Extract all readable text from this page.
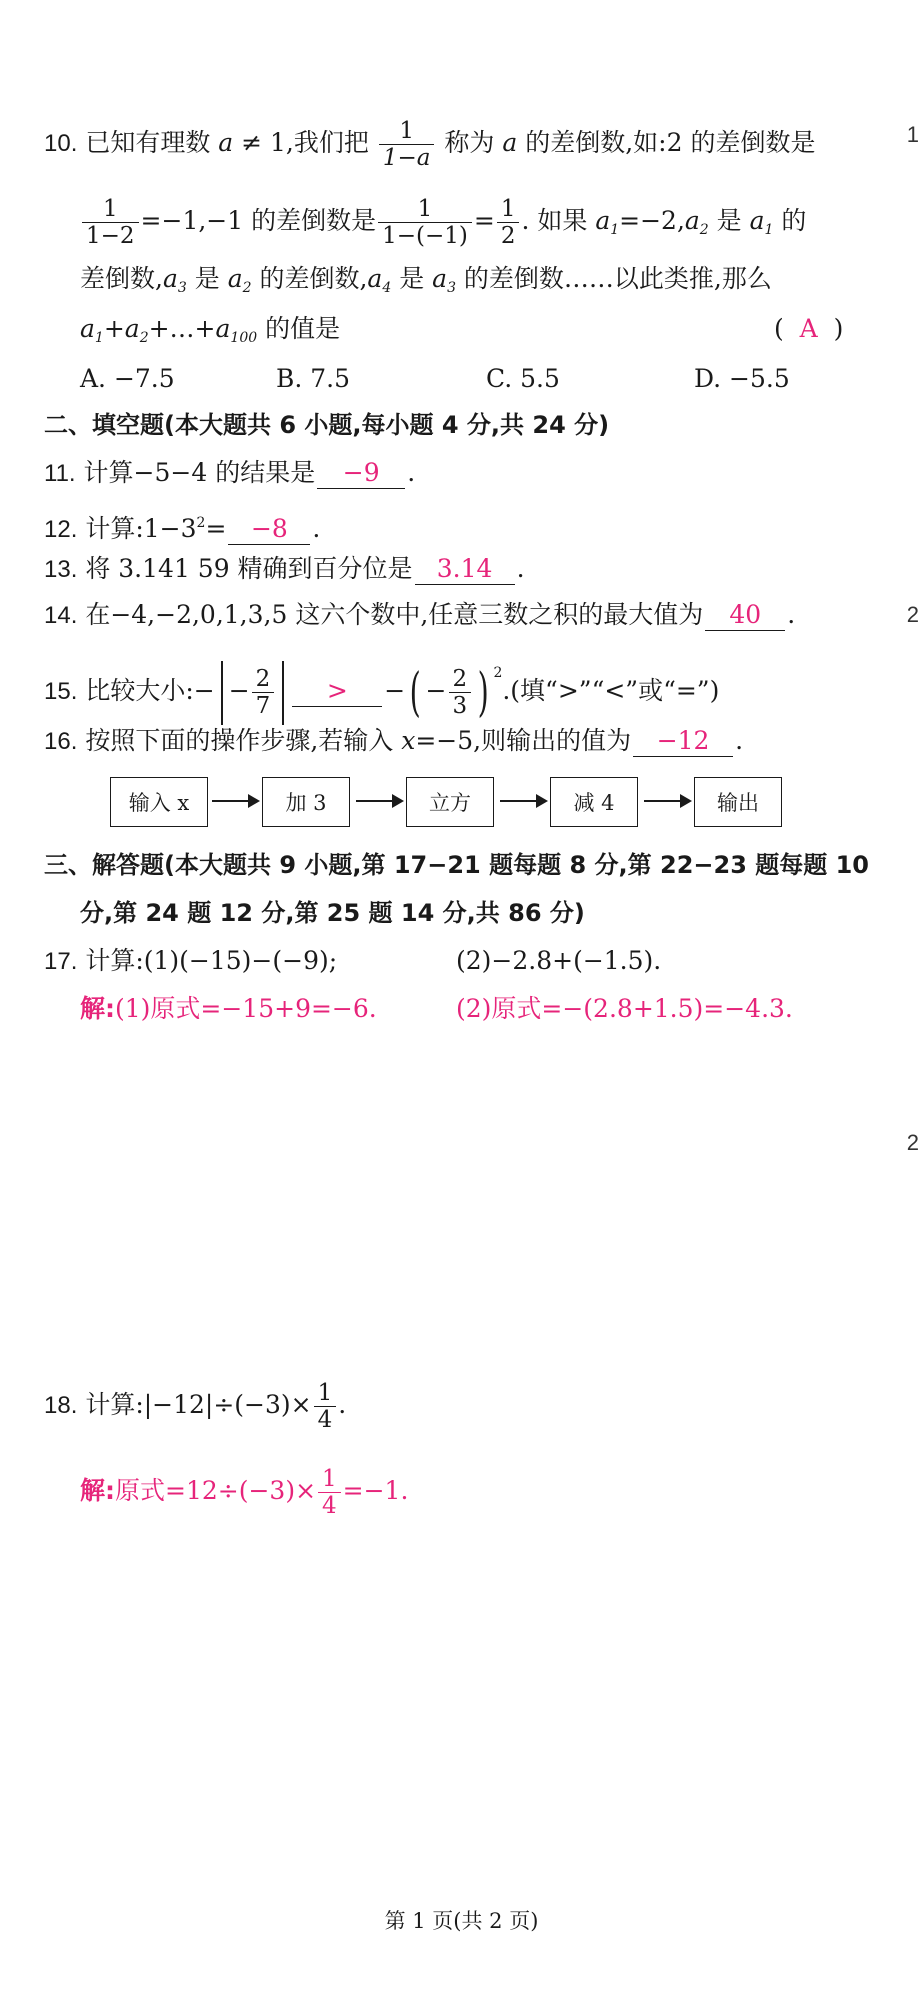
10. 已知有理数 a ≠ 1,我们把 $\frac{1}{1-a}$ 称为 a 的差倒数,如:2 的差倒数是
$\frac{1}{1-2} =-1,-1$ 的差倒数是 $\frac{1}{1-(-1)} = \frac{1}{2}$ . 如果 $a_1=-2,a_2$ 是 $a_1$ 的
差倒数$,a_3$ 是 $a_2$ 的差倒数$,a_4$ 是 $a_3$ 的差倒数……以此类推,那么
$a_1+a_2+\dots+a_{100}$ 的值是	( A )
A. −7.5	B. 7.5	C. 5.5	D. −5.5
二、填空题(本大题共 6 小题,每小题 4 分,共 24 分)
11. 计算−5−4 的结果是 −9 .
12. 计算$:1-3^2= -8$ .
13. 将 3.141 59 精确到百分位是 3.14 .
14. 在−4,−2,0,1,3,5 这六个数中,任意三数之积的最大值为 40 .
15. 比较大小:− − $\frac{2}{7}$ > −( − $\frac{2}{3}$ ) $^2$.(填“>”“<”或“=”)
16. 按照下面的操作步骤,若输入 x=−5,则输出的值为 −12 .
输入 x	加 3	立方	减 4	输出
三、解答题(本大题共 9 小题,第 17−21 题每题 8 分,第 22−23 题每题 10
分,第 24 题 12 分,第 25 题 14 分,共 86 分)
17. 计算:(1)(−15)−(−9);	(2)−2.8+(−1.5).
解:(1)原式=−15+9=−6.	(2)原式=−(2.8+1.5)=−4.3.
18. 计算:|−12|÷(−3)× $\frac{1}{4}$ .
解:原式$=12\div(-3)\times \frac{1}{4} =-1$.
1
2
2
第 1 页(共 2 页)
